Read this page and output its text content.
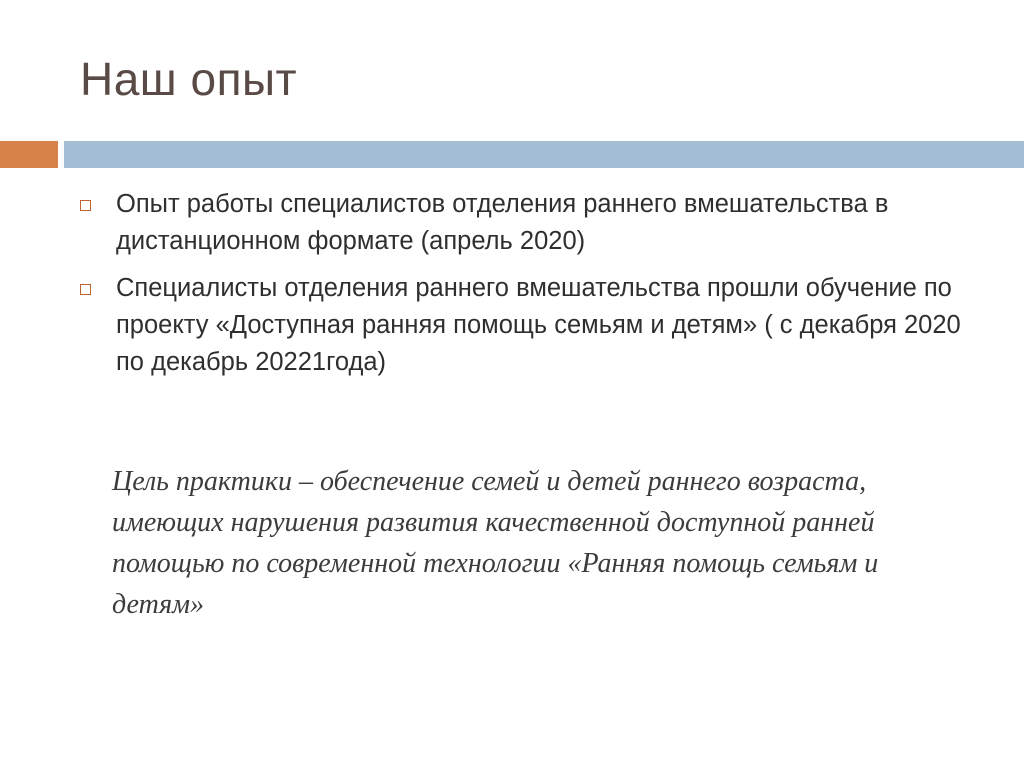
Наш опыт
Опыт работы специалистов отделения раннего вмешательства в дистанционном формате (апрель 2020)
Специалисты отделения раннего вмешательства прошли обучение по проекту «Доступная ранняя помощь семьям и детям» ( с декабря 2020 по декабрь 20221года)
Цель практики – обеспечение семей и детей раннего возраста, имеющих нарушения развития качественной доступной ранней помощью по современной технологии «Ранняя помощь семьям и детям»
